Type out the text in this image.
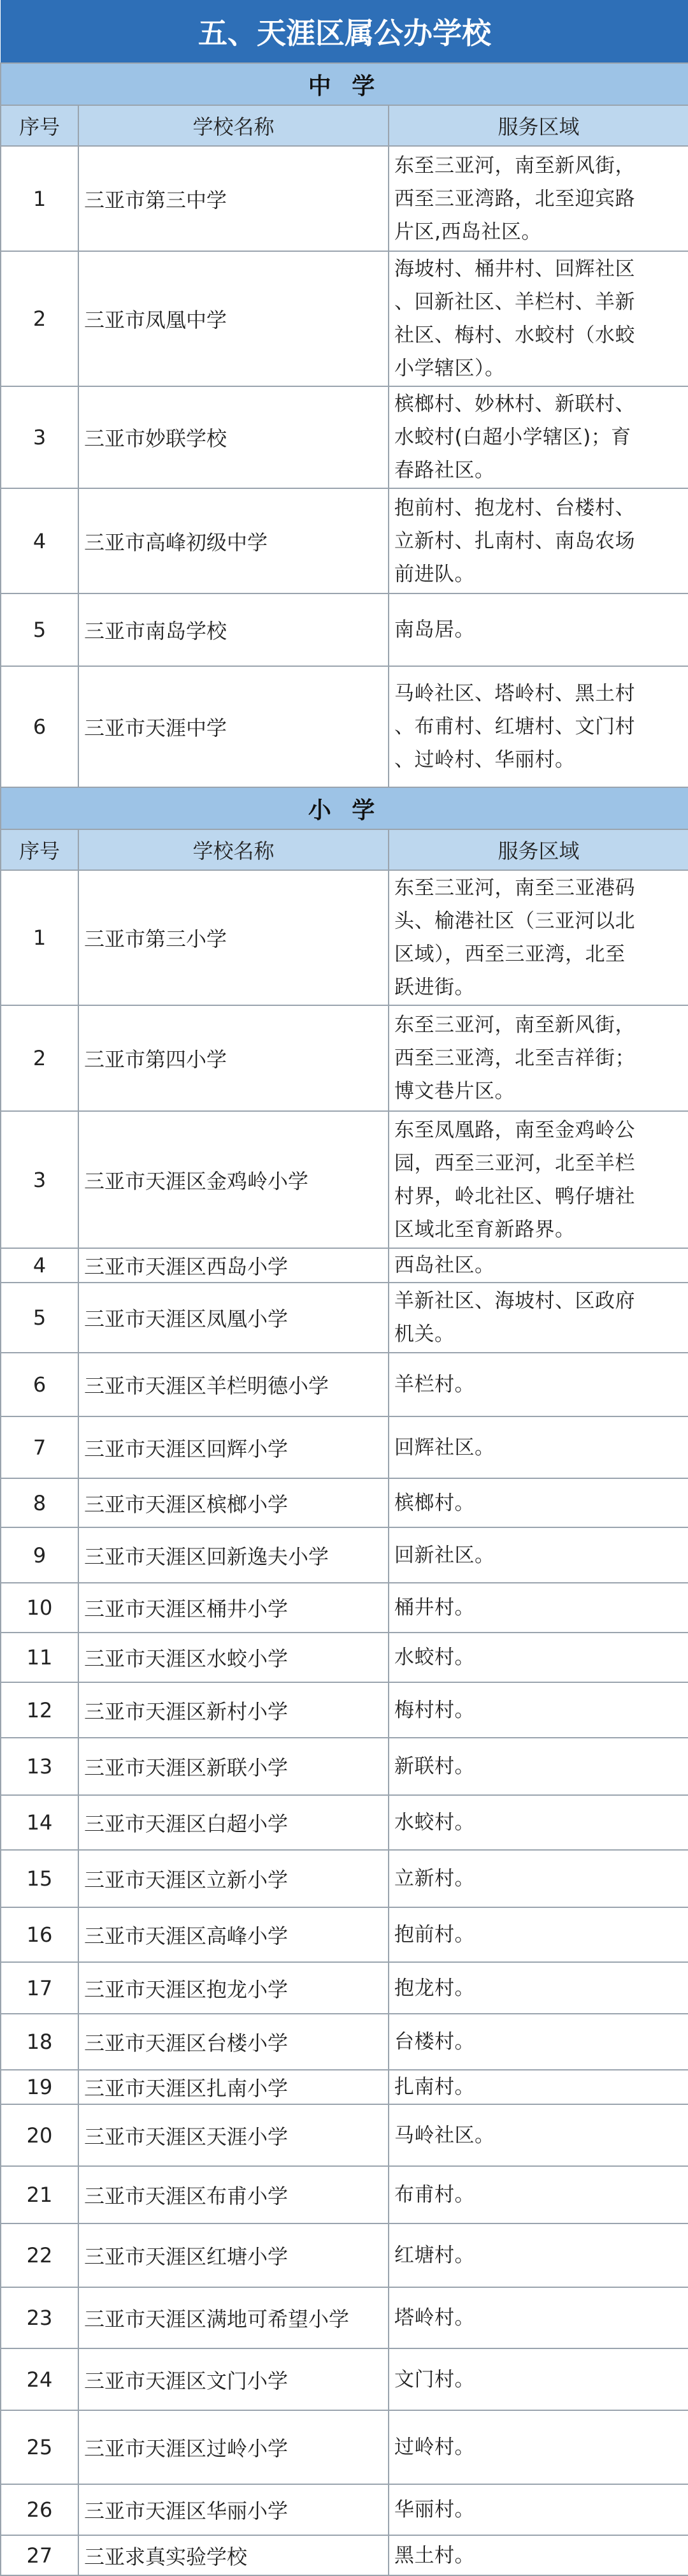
五、天涯区属公办学校		
中 学		
序号	学校名称	服务区域
1	三亚市第三中学	东至三亚河，南至新风街，
西至三亚湾路，北至迎宾路
片区,西岛社区。

2	三亚市凤凰中学	海坡村、桶井村、回辉社区
、回新社区、羊栏村、羊新
社区、梅村、水蛟村（水蛟
小学辖区）。

3	三亚市妙联学校	槟榔村、妙林村、新联村、
水蛟村(白超小学辖区)；育
春路社区。

4	三亚市高峰初级中学	抱前村、抱龙村、台楼村、
立新村、扎南村、南岛农场
前进队。

5	三亚市南岛学校	南岛居。

6	三亚市天涯中学	马岭社区、塔岭村、黑土村
、布甫村、红塘村、文门村
、过岭村、华丽村。

小 学		
序号	学校名称	服务区域
1	三亚市第三小学	东至三亚河，南至三亚港码
头、榆港社区（三亚河以北
区域），西至三亚湾，北至
跃进街。

2	三亚市第四小学	东至三亚河，南至新风街，
西至三亚湾，北至吉祥街；
博文巷片区。

3	三亚市天涯区金鸡岭小学	东至凤凰路，南至金鸡岭公
园，西至三亚河，北至羊栏
村界，岭北社区、鸭仔塘社
区域北至育新路界。

4	三亚市天涯区西岛小学	西岛社区。

5	三亚市天涯区凤凰小学	羊新社区、海坡村、区政府
机关。

6	三亚市天涯区羊栏明德小学	羊栏村。

7	三亚市天涯区回辉小学	回辉社区。

8	三亚市天涯区槟榔小学	槟榔村。

9	三亚市天涯区回新逸夫小学	回新社区。

10	三亚市天涯区桶井小学	桶井村。

11	三亚市天涯区水蛟小学	水蛟村。

12	三亚市天涯区新村小学	梅村村。

13	三亚市天涯区新联小学	新联村。

14	三亚市天涯区白超小学	水蛟村。

15	三亚市天涯区立新小学	立新村。

16	三亚市天涯区高峰小学	抱前村。

17	三亚市天涯区抱龙小学	抱龙村。

18	三亚市天涯区台楼小学	台楼村。

19	三亚市天涯区扎南小学	扎南村。

20	三亚市天涯区天涯小学	马岭社区。

21	三亚市天涯区布甫小学	布甫村。

22	三亚市天涯区红塘小学	红塘村。

23	三亚市天涯区满地可希望小学	塔岭村。

24	三亚市天涯区文门小学	文门村。

25	三亚市天涯区过岭小学	过岭村。

26	三亚市天涯区华丽小学	华丽村。

27	三亚求真实验学校	黑土村。
